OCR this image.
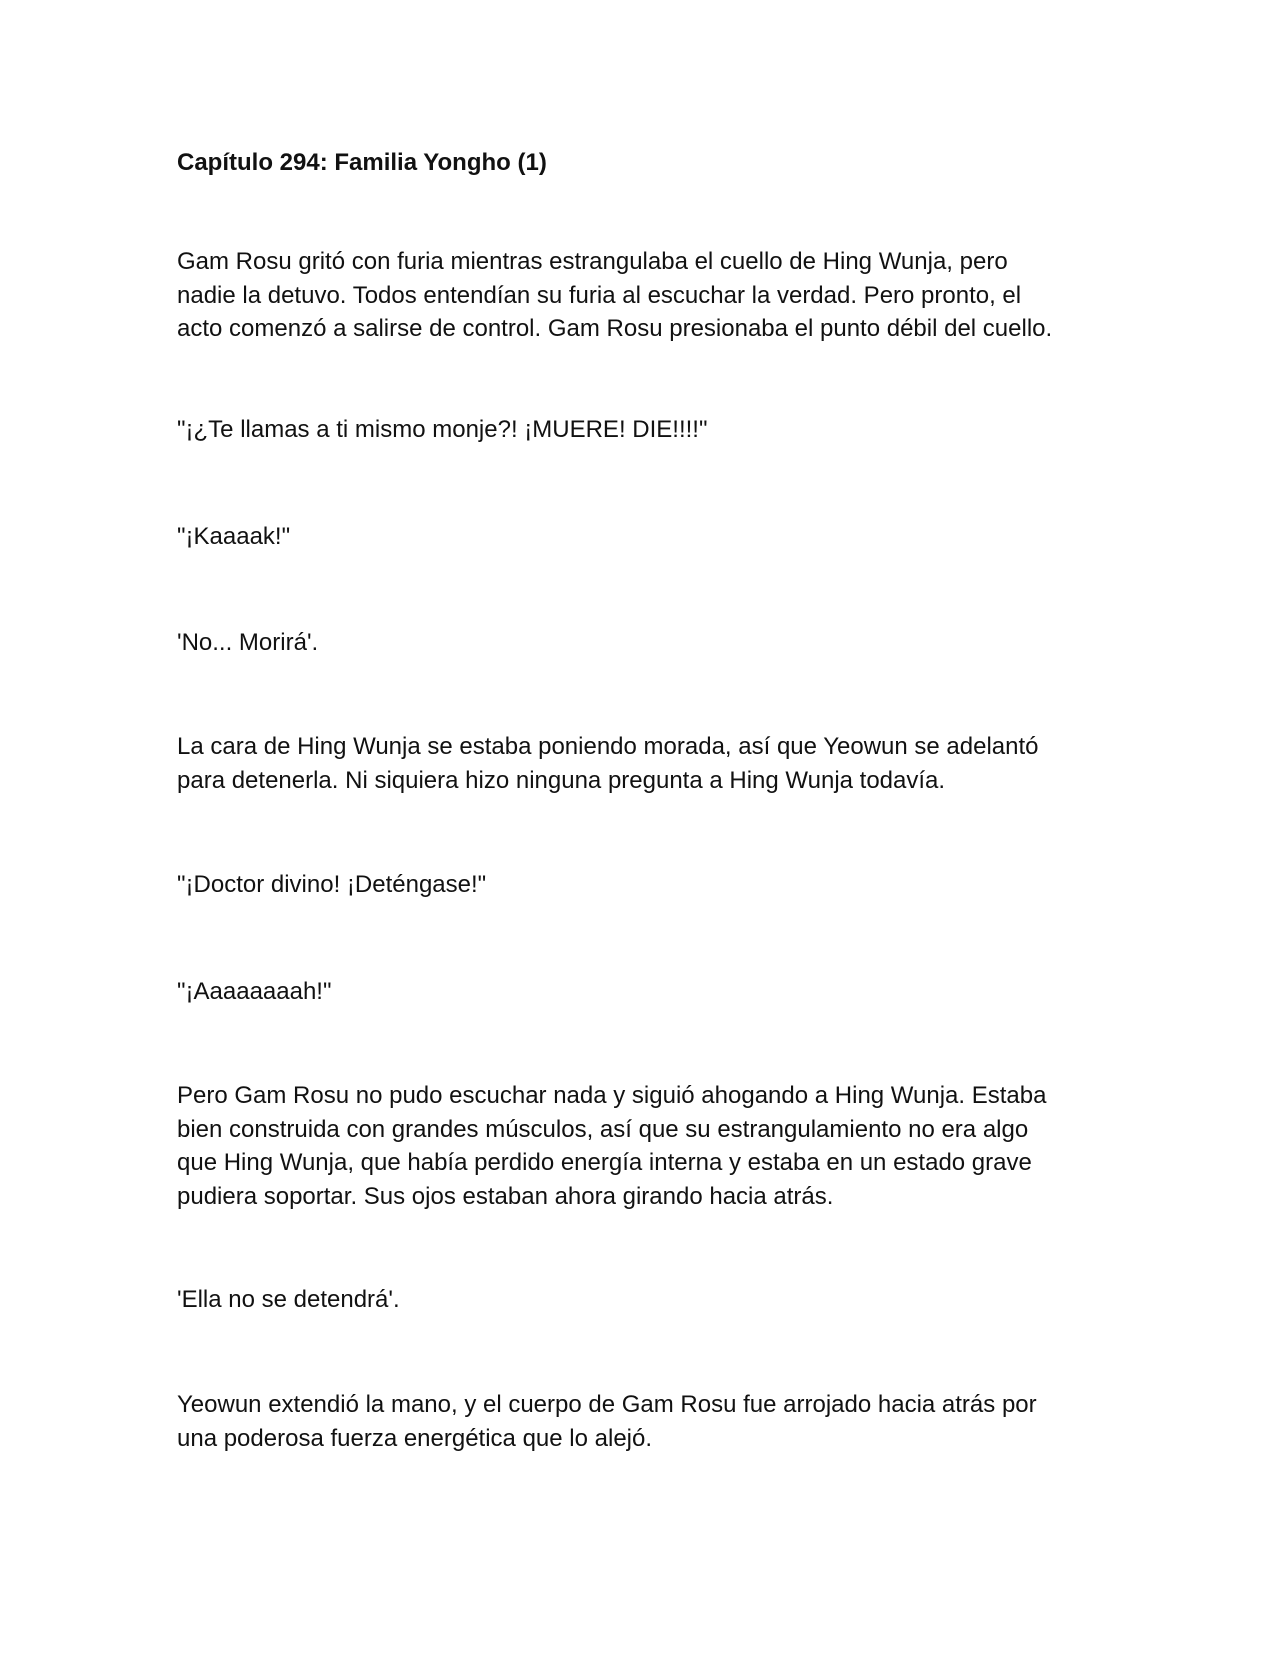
Capítulo 294: Familia Yongho (1)

Gam Rosu gritó con furia mientras estrangulaba el cuello de Hing Wunja, pero
nadie la detuvo. Todos entendían su furia al escuchar la verdad. Pero pronto, el
acto comenzó a salirse de control. Gam Rosu presionaba el punto débil del cuello.

"¡¿Te llamas a ti mismo monje?! ¡MUERE! DIE!!!!"

"¡Kaaaak!"

'No... Morirá'.

La cara de Hing Wunja se estaba poniendo morada, así que Yeowun se adelantó
para detenerla. Ni siquiera hizo ninguna pregunta a Hing Wunja todavía.

"¡Doctor divino! ¡Deténgase!"

"¡Aaaaaaaah!"

Pero Gam Rosu no pudo escuchar nada y siguió ahogando a Hing Wunja. Estaba
bien construida con grandes músculos, así que su estrangulamiento no era algo
que Hing Wunja, que había perdido energía interna y estaba en un estado grave
pudiera soportar. Sus ojos estaban ahora girando hacia atrás.

'Ella no se detendrá'.

Yeowun extendió la mano, y el cuerpo de Gam Rosu fue arrojado hacia atrás por
una poderosa fuerza energética que lo alejó.
